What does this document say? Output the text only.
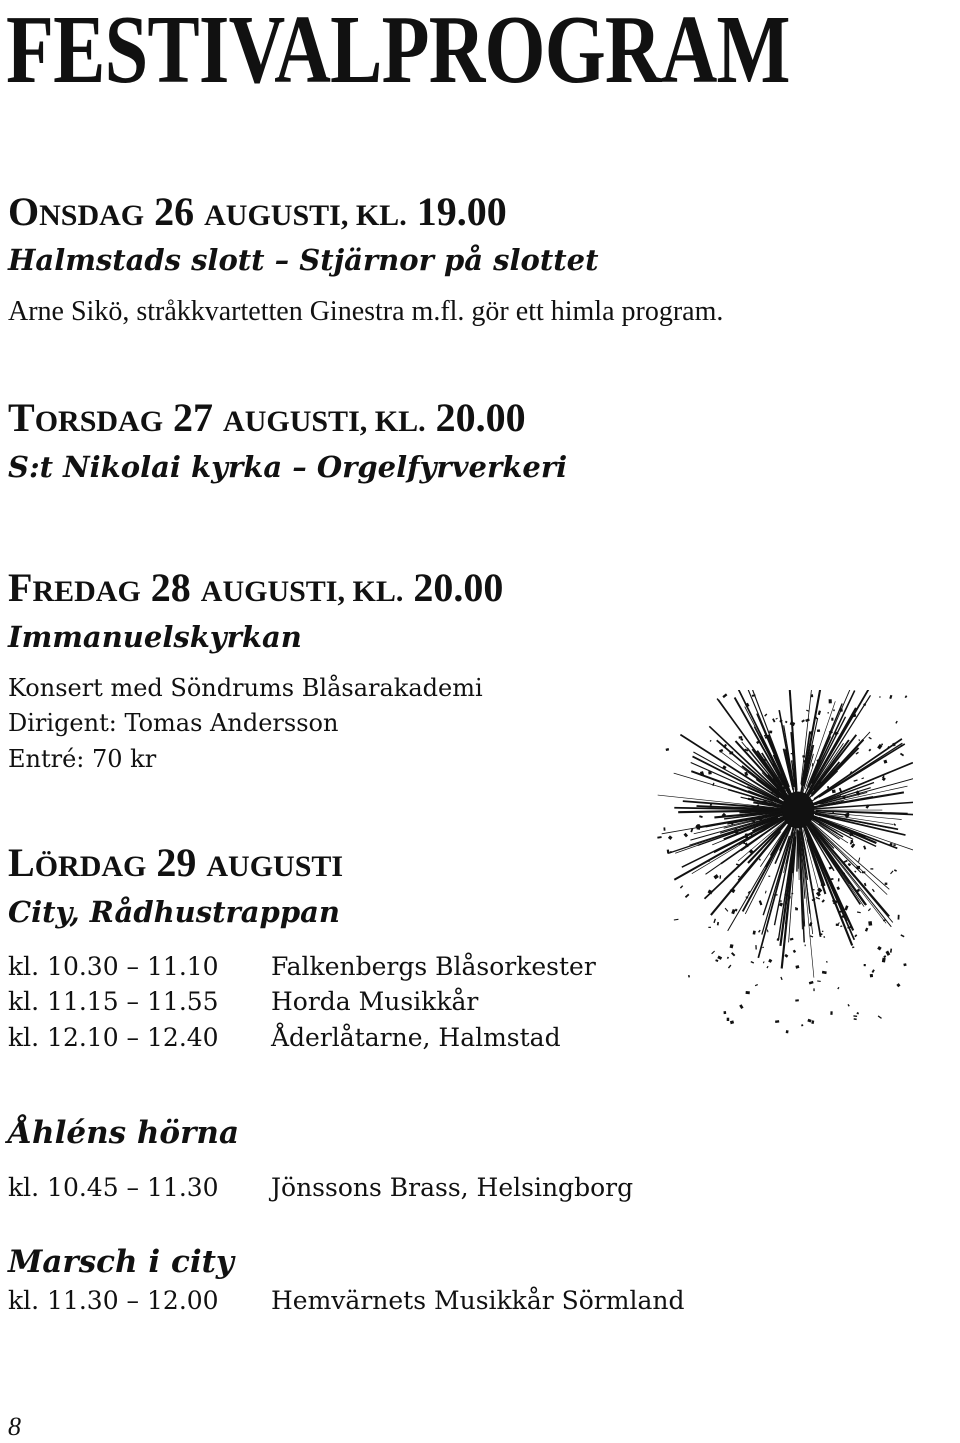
FESTIVALPROGRAM
ONSDAG 26 AUGUSTI, KL. 19.00
Halmstads slott – Stjärnor på slottet
Arne Sikö, stråkkvartetten Ginestra m.fl. gör ett himla program.
TORSDAG 27 AUGUSTI, KL. 20.00
S:t Nikolai kyrka – Orgelfyrverkeri
FREDAG 28 AUGUSTI, KL. 20.00
Immanuelskyrkan
Konsert med Söndrums Blåsarakademi
Dirigent: Tomas Andersson
Entré: 70 kr
LÖRDAG 29 AUGUSTI
City, Rådhustrappan
kl. 10.30 – 11.10 Falkenbergs Blåsorkester
kl. 11.15 – 11.55 Horda Musikkår
kl. 12.10 – 12.40 Åderlåtarne, Halmstad
Åhléns hörna
kl. 10.45 – 11.30 Jönssons Brass, Helsingborg
Marsch i city
kl. 11.30 – 12.00 Hemvärnets Musikkår Sörmland
8
